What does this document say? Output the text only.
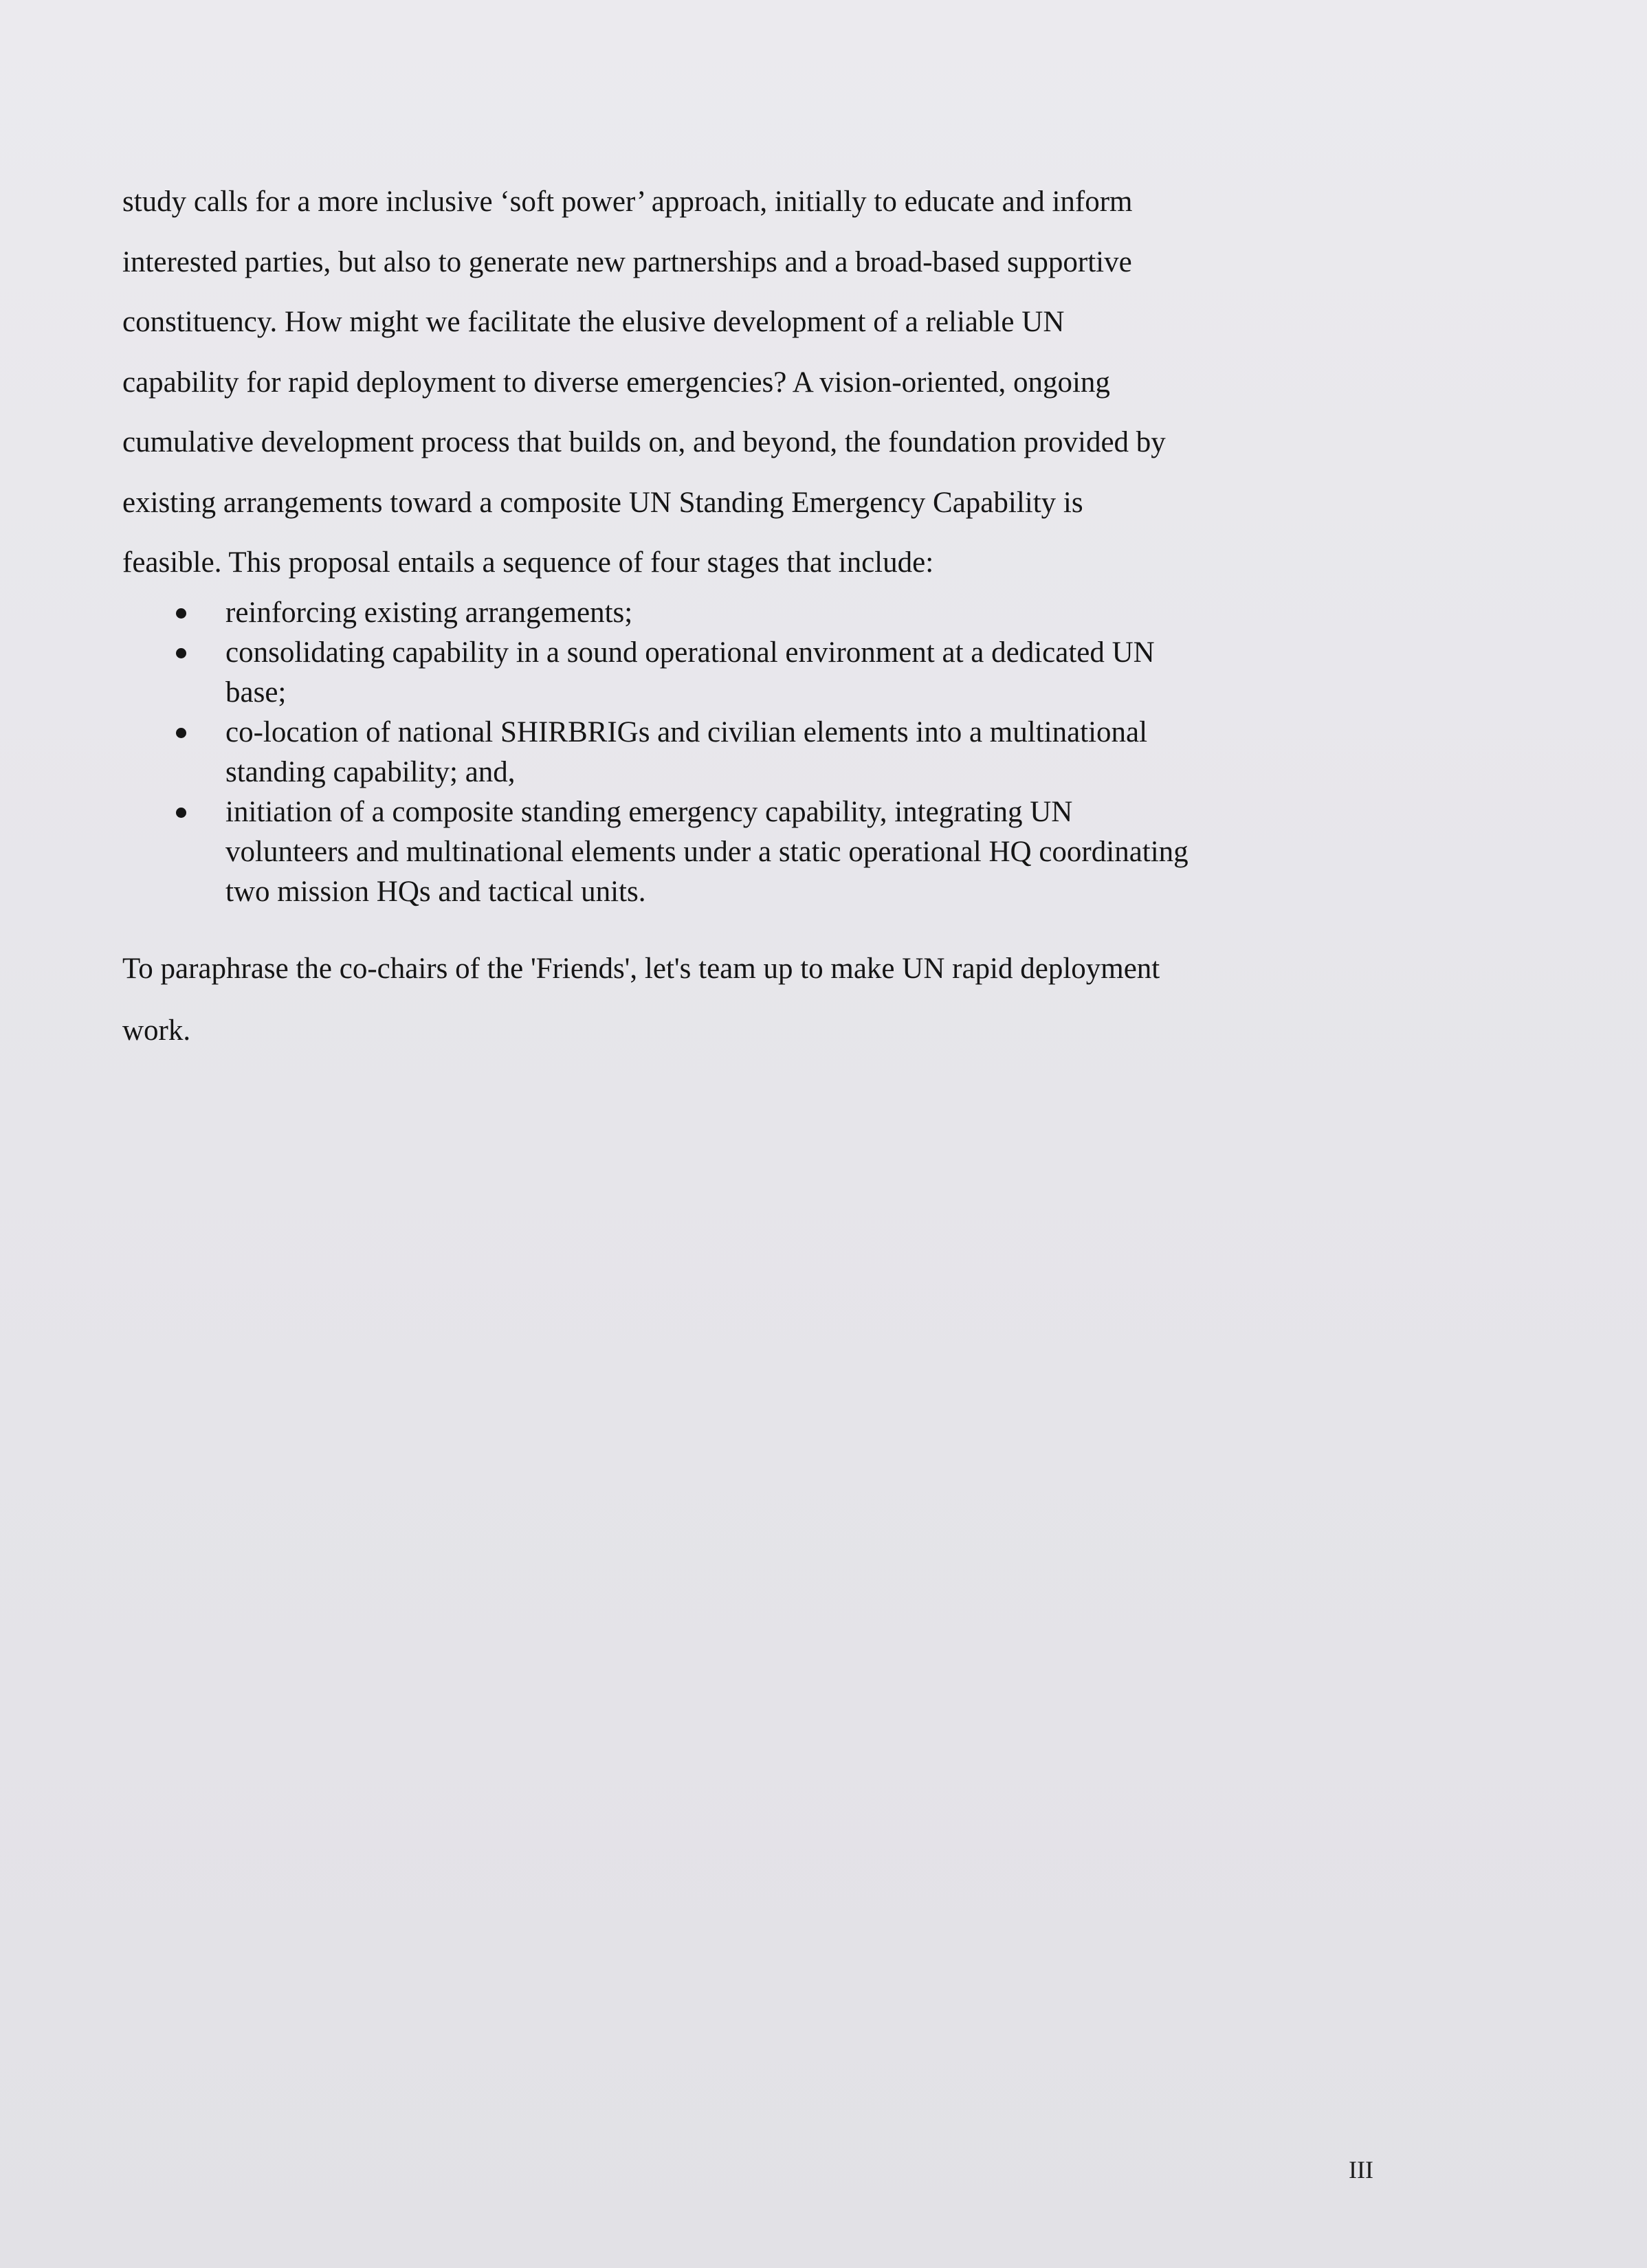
study calls for a more inclusive ‘soft power’ approach, initially to educate and inform
interested parties, but also to generate new partnerships and a broad-based supportive
constituency. How might we facilitate the elusive development of a reliable UN
capability for rapid deployment to diverse emergencies? A vision-oriented, ongoing
cumulative development process that builds on, and beyond, the foundation provided by
existing arrangements toward a composite UN Standing Emergency Capability is
feasible. This proposal entails a sequence of four stages that include:

reinforcing existing arrangements;
consolidating capability in a sound operational environment at a dedicated UN
base;
co-location of national SHIRBRIGs and civilian elements into a multinational
standing capability; and,
initiation of a composite standing emergency capability, integrating UN
volunteers and multinational elements under a static operational HQ coordinating
two mission HQs and tactical units.

To paraphrase the co-chairs of the 'Friends', let's team up to make UN rapid deployment
work.

III
